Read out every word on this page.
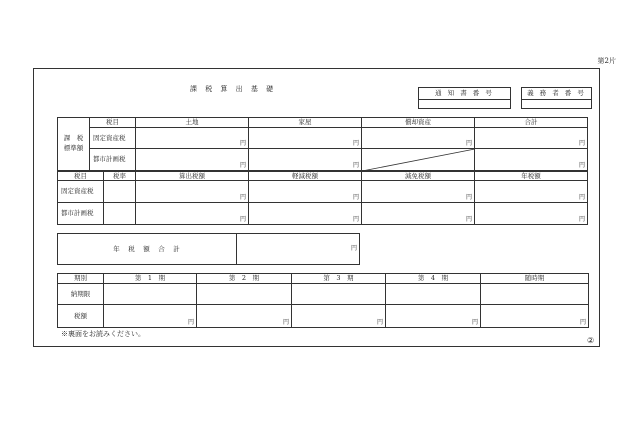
第2片
課 税 算 出 基 礎	通 知 書 番 号	義 務 者 番 号
課　税
標準額	税目	土地	家屋	償却資産	合計
	固定資産税	円	円	円	円
	都市計画税	円	円		円
税目	税率	算出税額	軽減税額	減免税額	年税額
固定資産税		円	円	円	円
都市計画税		円	円	円	円
年　税　額　合　計	円
期別	第　1　期	第　2　期	第　3　期	第　4　期	随時期
納期限					
税額	円	円	円	円	円
※裏面をお読みください。
②
